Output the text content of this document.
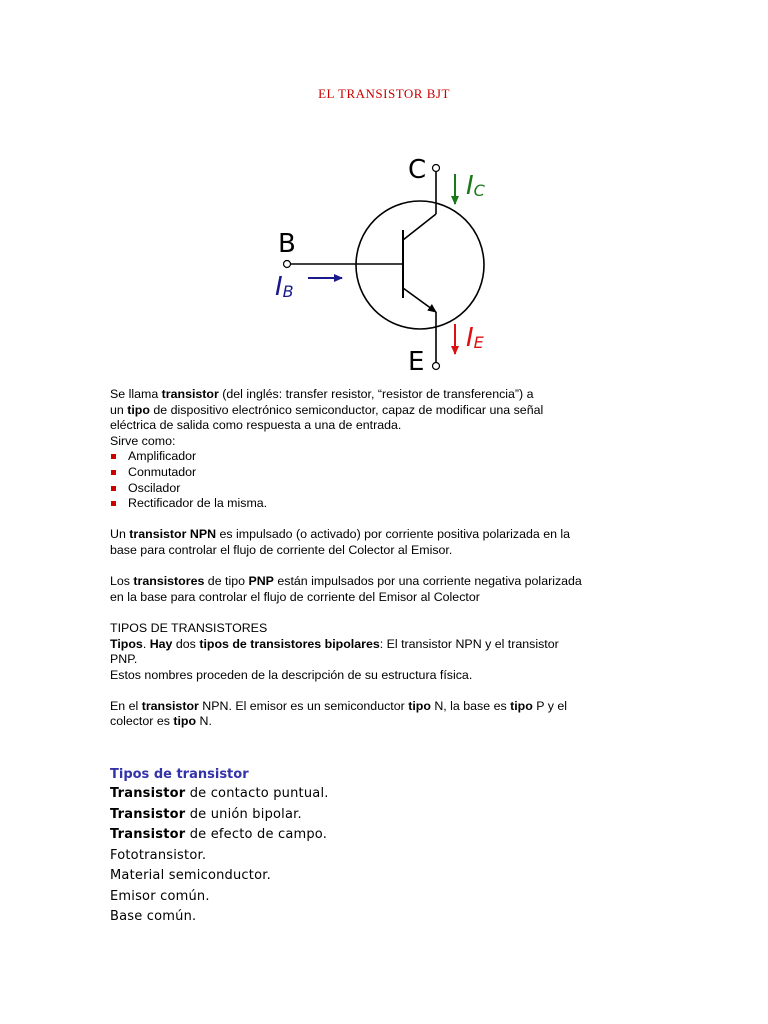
EL TRANSISTOR BJT
C
B
E
IC
IB
IE

Se llama transistor (del inglés: transfer resistor, “resistor de transferencia”) a
un tipo de dispositivo electrónico semiconductor, capaz de modificar una señal
eléctrica de salida como respuesta a una de entrada.
Sirve como:

Amplificador
Conmutador
Oscilador
Rectificador de la misma.

Un transistor NPN es impulsado (o activado) por corriente positiva polarizada en la
base para controlar el flujo de corriente del Colector al Emisor.

Los transistores de tipo PNP están impulsados por una corriente negativa polarizada
en la base para controlar el flujo de corriente del Emisor al Colector

TIPOS DE TRANSISTORES
Tipos. Hay dos tipos de transistores bipolares: El transistor NPN y el transistor
PNP.
Estos nombres proceden de la descripción de su estructura física.

En el transistor NPN. El emisor es un semiconductor tipo N, la base es tipo P y el
colector es tipo N.

Tipos de transistor
Transistor de contacto puntual.
Transistor de unión bipolar.
Transistor de efecto de campo.
Fototransistor.
Material semiconductor.
Emisor común.
Base común.
